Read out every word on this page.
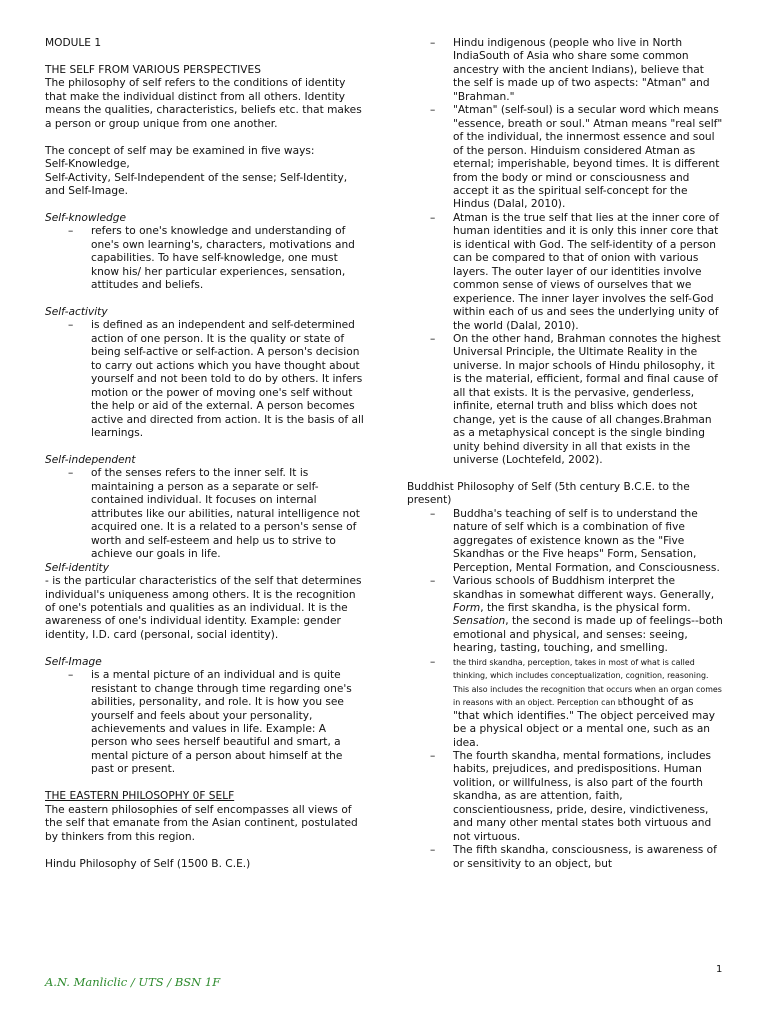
MODULE 1

THE SELF FROM VARIOUS PERSPECTIVES

The philosophy of self refers to the conditions of identity that make the individual distinct from all others. Identity means the qualities, characteristics, beliefs etc. that makes a person or group unique from one another.

The concept of self may be examined in five ways:

Self-Knowledge,

Self-Activity, Self-Independent of the sense; Self-Identity,

and Self-Image.

Self-knowledge

– refers to one's knowledge and understanding of one's own learning's, characters, motivations and capabilities. To have self-knowledge, one must know his/ her particular experiences, sensation, attitudes and beliefs.

Self-activity

– is defined as an independent and self-determined action of one person. It is the quality or state of being self-active or self-action. A person's decision to carry out actions which you have thought about yourself and not been told to do by others. It infers motion or the power of moving one's self without the help or aid of the external. A person becomes active and directed from action. It is the basis of all learnings.

Self-independent

– of the senses refers to the inner self. It is maintaining a person as a separate or self-contained individual. It focuses on internal attributes like our abilities, natural intelligence not acquired one. It is a related to a person's sense of worth and self-esteem and help us to strive to achieve our goals in life.

Self-identity

- is the particular characteristics of the self that determines individual's uniqueness among others. It is the recognition of one's potentials and qualities as an individual. It is the awareness of one's individual identity. Example: gender identity, I.D. card (personal, social identity).

Self-Image

– is a mental picture of an individual and is quite resistant to change through time regarding one's abilities, personality, and role. It is how you see yourself and feels about your personality, achievements and values in life. Example: A person who sees herself beautiful and smart, a mental picture of a person about himself at the past or present.

THE EASTERN PHILOSOPHY 0F SELF

The eastern philosophies of self encompasses all views of the self that emanate from the Asian continent, postulated by thinkers from this region.

Hindu Philosophy of Self (1500 B. C.E.)

– Hindu indigenous (people who live in North IndiaSouth of Asia who share some common ancestry with the ancient Indians), believe that the self is made up of two aspects: "Atman" and "Brahman."
– "Atman" (self-soul) is a secular word which means "essence, breath or soul." Atman means "real self" of the individual, the innermost essence and soul of the person. Hinduism considered Atman as eternal; imperishable, beyond times. It is different from the body or mind or consciousness and accept it as the spiritual self-concept for the Hindus (Dalal, 2010).
– Atman is the true self that lies at the inner core of human identities and it is only this inner core that is identical with God. The self-identity of a person can be compared to that of onion with various layers. The outer layer of our identities involve common sense of views of ourselves that we experience. The inner layer involves the self-God within each of us and sees the underlying unity of the world (Dalal, 2010).
– On the other hand, Brahman connotes the highest Universal Principle, the Ultimate Reality in the universe. In major schools of Hindu philosophy, it is the material, efficient, formal and final cause of all that exists. It is the pervasive, genderless, infinite, eternal truth and bliss which does not change, yet is the cause of all changes.Brahman as a metaphysical concept is the single binding unity behind diversity in all that exists in the universe (Lochtefeld, 2002).

Buddhist Philosophy of Self (5th century B.C.E. to the present)

– Buddha's teaching of self is to understand the nature of self which is a combination of five aggregates of existence known as the "Five Skandhas or the Five heaps" Form, Sensation, Perception, Mental Formation, and Consciousness.
– Various schools of Buddhism interpret the skandhas in somewhat different ways. Generally, Form, the first skandha, is the physical form. Sensation, the second is made up of feelings--both emotional and physical, and senses: seeing, hearing, tasting, touching, and smelling.
– the third skandha, perception, takes in most of what is called thinking, which includes conceptualization, cognition, reasoning. This also includes the recognition that occurs when an organ comes in reasons with an object. Perception can bthought of as "that which identifies." The object perceived may be a physical object or a mental one, such as an idea.
– The fourth skandha, mental formations, includes habits, prejudices, and predispositions. Human volition, or willfulness, is also part of the fourth skandha, as are attention, faith, conscientiousness, pride, desire, vindictiveness, and many other mental states both virtuous and not virtuous.
– The fifth skandha, consciousness, is awareness of or sensitivity to an object, but
1
A.N. Manliclic / UTS / BSN 1F
